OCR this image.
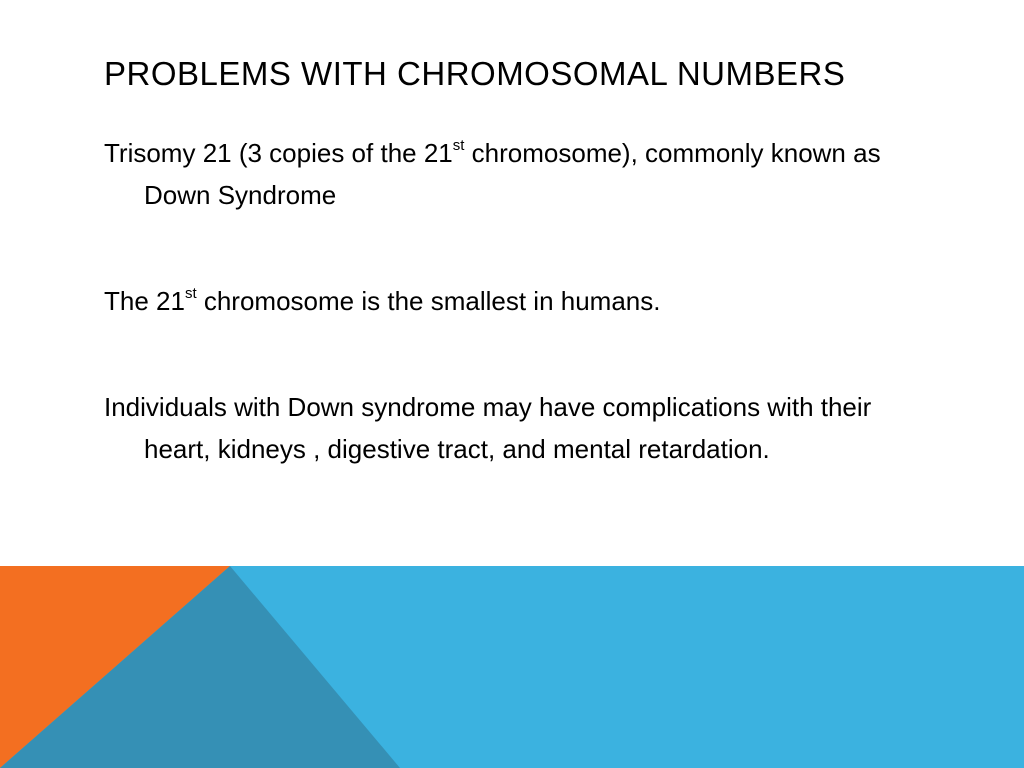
PROBLEMS WITH CHROMOSOMAL NUMBERS

Trisomy 21 (3 copies of the 21st chromosome), commonly known as Down Syndrome

The 21st chromosome is the smallest in humans.

Individuals with Down syndrome may have complications with their heart, kidneys , digestive tract, and mental retardation.
